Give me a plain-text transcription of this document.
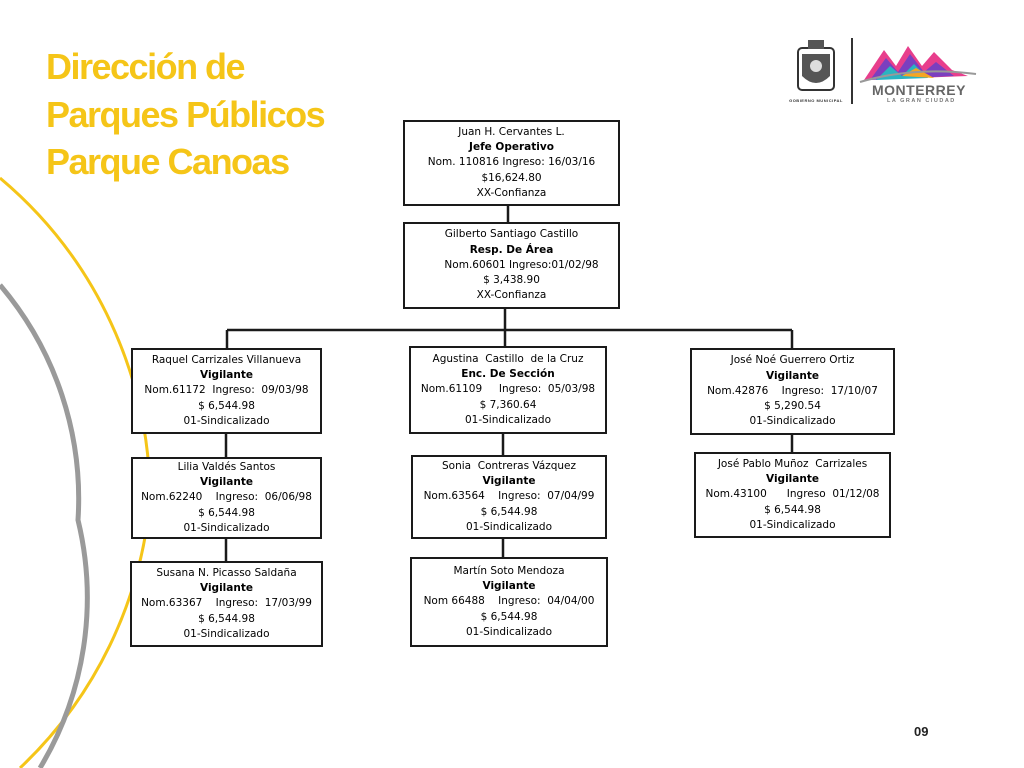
Dirección de
Parques Públicos
Parque Canoas
GOBIERNO MUNICIPAL
MONTERREY
LA GRAN CIUDAD
Juan H. Cervantes L.
Jefe Operativo
Nom. 110816 Ingreso: 16/03/16
$16,624.80
XX-Confianza
Gilberto Santiago Castillo
Resp. De Área
Nom.60601 Ingreso:01/02/98
$ 3,438.90
XX-Confianza
Raquel Carrizales Villanueva
Vigilante
Nom.61172  Ingreso:  09/03/98
$ 6,544.98
01-Sindicalizado
Lilia Valdés Santos
Vigilante
Nom.62240    Ingreso:  06/06/98
$ 6,544.98
01-Sindicalizado
Susana N. Picasso Saldaña
Vigilante
Nom.63367    Ingreso:  17/03/99
$ 6,544.98
01-Sindicalizado
Agustina  Castillo  de la Cruz
Enc. De Sección
Nom.61109     Ingreso:  05/03/98
$ 7,360.64
01-Sindicalizado
Sonia  Contreras Vázquez
Vigilante
Nom.63564    Ingreso:  07/04/99
$ 6,544.98
01-Sindicalizado
Martín Soto Mendoza
Vigilante
Nom 66488    Ingreso:  04/04/00
$ 6,544.98
01-Sindicalizado
José Noé Guerrero Ortiz
Vigilante
Nom.42876    Ingreso:  17/10/07
$ 5,290.54
01-Sindicalizado
José Pablo Muñoz  Carrizales
Vigilante
Nom.43100      Ingreso  01/12/08
$ 6,544.98
01-Sindicalizado
09
